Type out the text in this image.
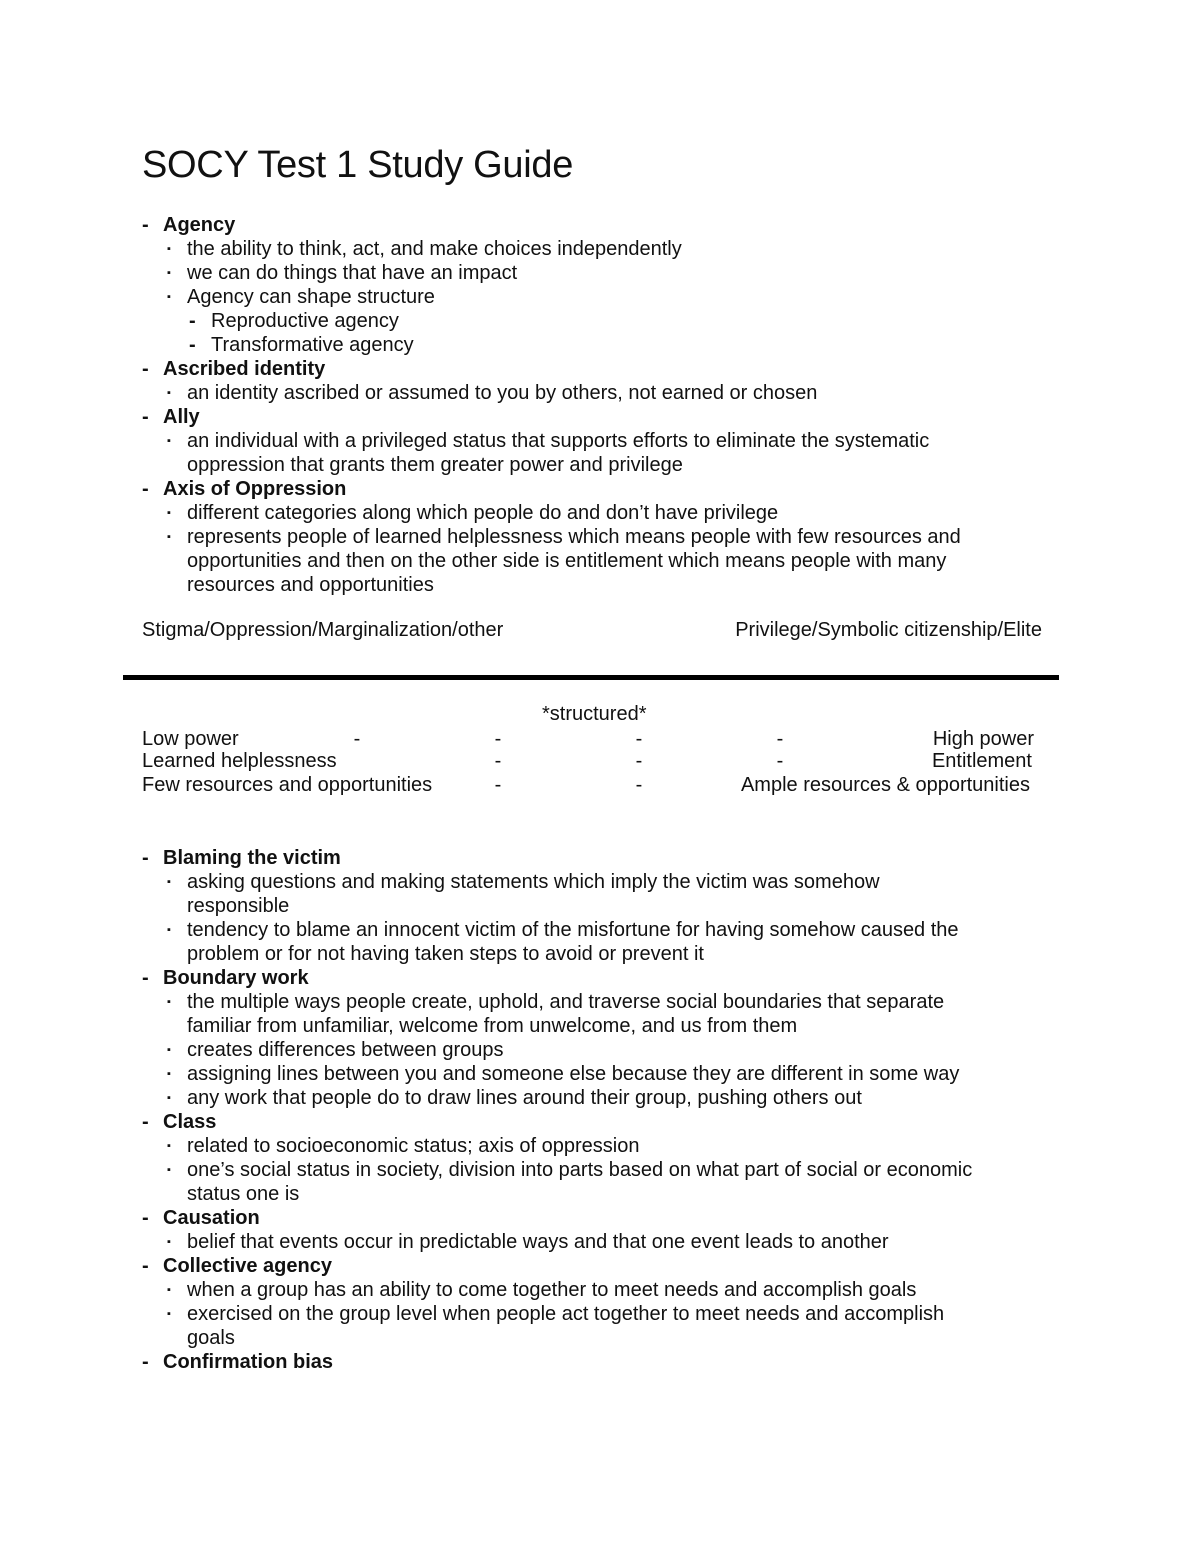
SOCY Test 1 Study Guide
- Agency
▪ the ability to think, act, and make choices independently
▪ we can do things that have an impact
▪ Agency can shape structure
- Reproductive agency
- Transformative agency
- Ascribed identity
▪ an identity ascribed or assumed to you by others, not earned or chosen
- Ally
▪ an individual with a privileged status that supports efforts to eliminate the systematic
oppression that grants them greater power and privilege
- Axis of Oppression
▪ different categories along which people do and don’t have privilege
▪ represents people of learned helplessness which means people with few resources and
opportunities and then on the other side is entitlement which means people with many
resources and opportunities
Stigma/Oppression/Marginalization/other	Privilege/Symbolic citizenship/Elite
*structured*
Low power	-	-	-	-	High power
Learned helplessness	-	-	-	Entitlement
Few resources and opportunities	-	-	Ample resources & opportunities
- Blaming the victim
▪ asking questions and making statements which imply the victim was somehow
responsible
▪ tendency to blame an innocent victim of the misfortune for having somehow caused the
problem or for not having taken steps to avoid or prevent it
- Boundary work
▪ the multiple ways people create, uphold, and traverse social boundaries that separate
familiar from unfamiliar, welcome from unwelcome, and us from them
▪ creates differences between groups
▪ assigning lines between you and someone else because they are different in some way
▪ any work that people do to draw lines around their group, pushing others out
- Class
▪ related to socioeconomic status; axis of oppression
▪ one’s social status in society, division into parts based on what part of social or economic
status one is
- Causation
▪ belief that events occur in predictable ways and that one event leads to another
- Collective agency
▪ when a group has an ability to come together to meet needs and accomplish goals
▪ exercised on the group level when people act together to meet needs and accomplish
goals
- Confirmation bias
